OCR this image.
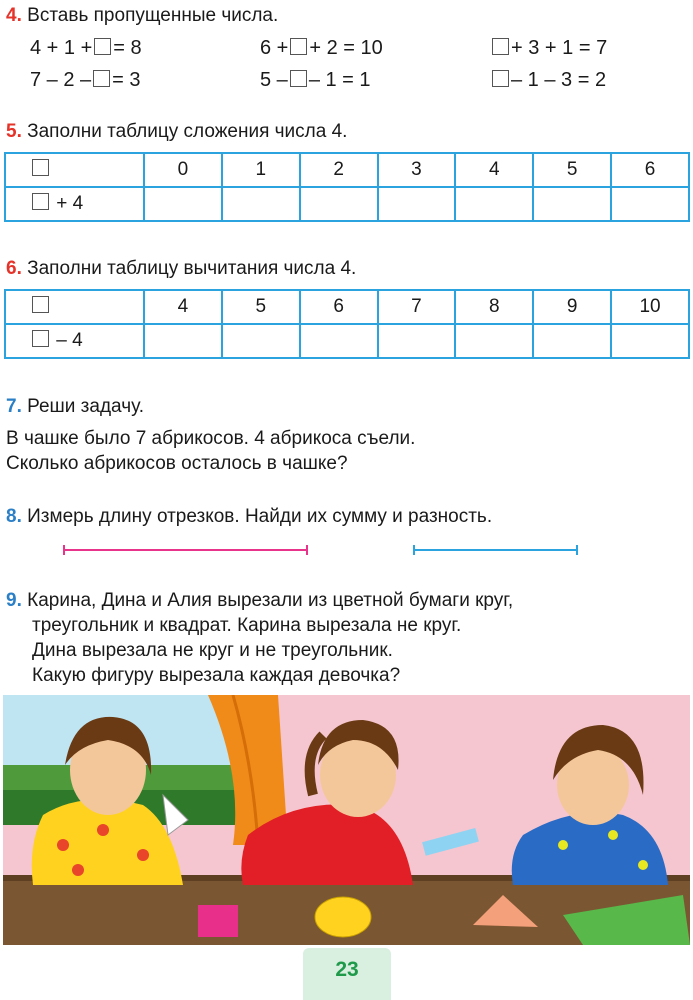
4. Вставь пропущенные числа.
4 + 1 + = 8	6 + + 2 = 10	+ 3 + 1 = 7
7 – 2 – = 3	5 – – 1 = 1	– 1 – 3 = 2
5. Заполни таблицу сложения числа 4.
	0	1	2	3	4	5	6
+ 4							
6. Заполни таблицу вычитания числа 4.
	4	5	6	7	8	9	10
– 4							
7. Реши задачу.
В чашке было 7 абрикосов. 4 абрикоса съели.
Сколько абрикосов осталось в чашке?
8. Измерь длину отрезков. Найди их сумму и разность.
9. Карина, Дина и Алия вырезали из цветной бумаги круг,
треугольник и квадрат. Карина вырезала не круг.
Дина вырезала не круг и не треугольник.
Какую фигуру вырезала каждая девочка?
23
